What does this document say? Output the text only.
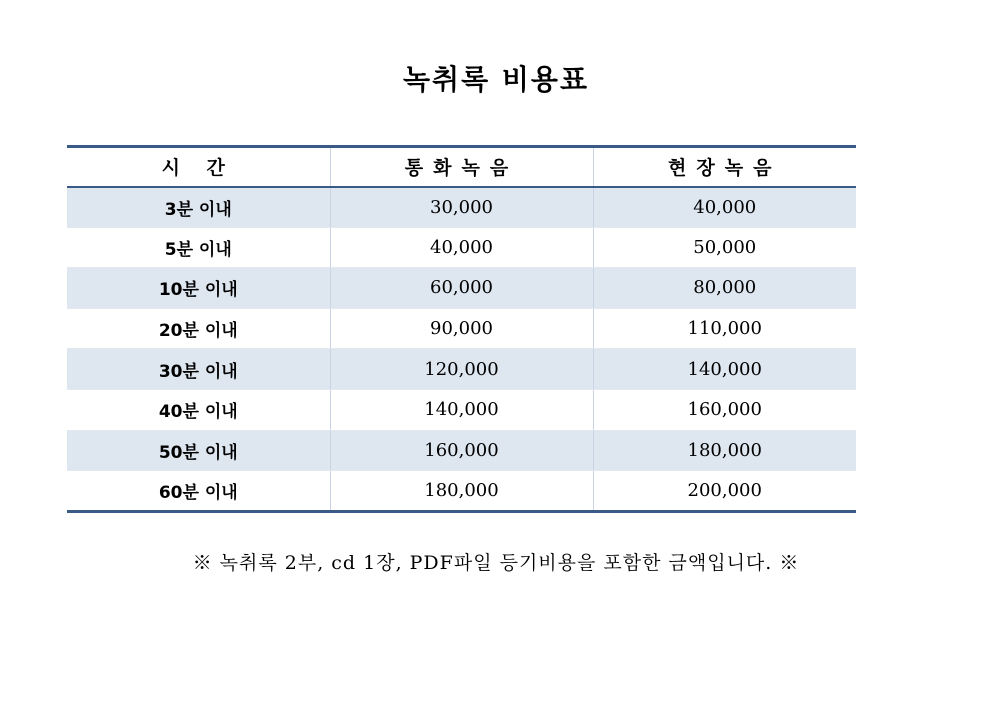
녹취록 비용표
시 간	통화녹음	현장녹음
3분 이내	30,000	40,000
5분 이내	40,000	50,000
10분 이내	60,000	80,000
20분 이내	90,000	110,000
30분 이내	120,000	140,000
40분 이내	140,000	160,000
50분 이내	160,000	180,000
60분 이내	180,000	200,000
※ 녹취록 2부, cd 1장, PDF파일 등기비용을 포함한 금액입니다. ※
